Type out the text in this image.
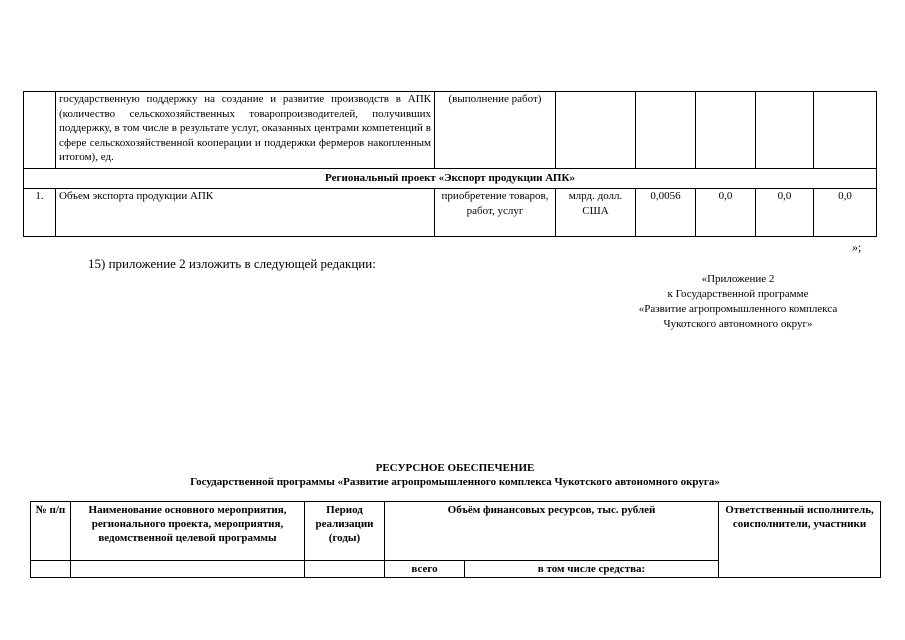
	государственную поддержку на создание и развитие производств в АПК (количество сельскохозяйственных товаропроизводителей, получивших поддержку, в том числе в результате услуг, оказанных центрами компетенций в сфере сельскохозяйственной кооперации и поддержки фермеров накопленным итогом), ед.	(выполнение работ)					
Региональный проект «Экспорт продукции АПК»							
1.	Объем экспорта продукции АПК	приобретение товаров, работ, услуг	млрд. долл. США	0,0056	0,0	0,0	0,0
»;
15) приложение 2 изложить в следующей редакции:
«Приложение 2
к Государственной программе
«Развитие агропромышленного комплекса
Чукотского автономного округ»
РЕСУРСНОЕ ОБЕСПЕЧЕНИЕ
Государственной программы «Развитие агропромышленного комплекса Чукотского автономного округа»
№ п/п	Наименование основного мероприятия, регионального проекта, мероприятия, ведомственной целевой программы	Период реализации (годы)	Объём финансовых ресурсов, тыс. рублей		Ответственный исполнитель, соисполнители, участники
			всего	в том числе средства:	
